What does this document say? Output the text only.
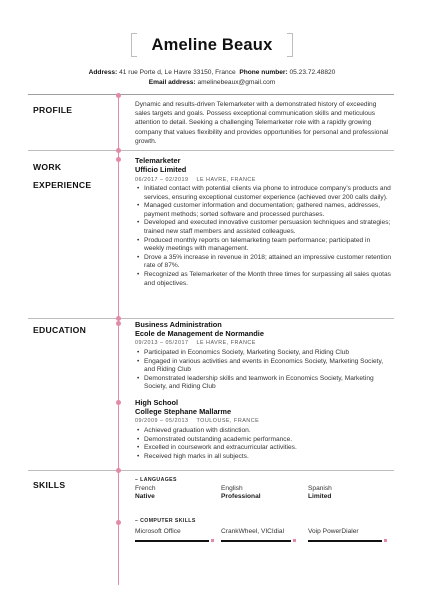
Ameline Beaux
Address: 41 rue Porte d, Le Havre 33150, France Phone number: 05.23.72.48820
Email address: amelinebeaux@gmail.com
PROFILE
Dynamic and results-driven Telemarketer with a demonstrated history of exceeding sales targets and goals. Possess exceptional communication skills and meticulous attention to detail. Seeking a challenging Telemarketer role with a rapidly growing company that values flexibility and provides opportunities for personal and professional growth.
WORK
EXPERIENCE
Telemarketer
Ufficio Limited
06/2017 – 02/2019 LE HAVRE, FRANCE
• Initiated contact with potential clients via phone to introduce company's products and services, ensuring exceptional customer experience (achieved over 200 calls daily).
• Managed customer information and documentation; gathered names, addresses, payment methods; sorted software and processed purchases.
• Developed and executed innovative customer persuasion techniques and strategies; trained new staff members and assisted colleagues.
• Produced monthly reports on telemarketing team performance; participated in weekly meetings with management.
• Drove a 35% increase in revenue in 2018; attained an impressive customer retention rate of 87%.
• Recognized as Telemarketer of the Month three times for surpassing all sales quotas and objectives.
EDUCATION
Business Administration
Ecole de Management de Normandie
09/2013 – 05/2017 LE HAVRE, FRANCE
• Participated in Economics Society, Marketing Society, and Riding Club
• Engaged in various activities and events in Economics Society, Marketing Society, and Riding Club
• Demonstrated leadership skills and teamwork in Economics Society, Marketing Society, and Riding Club
High School
College Stephane Mallarme
09/2009 – 05/2013 TOULOUSE, FRANCE
• Achieved graduation with distinction.
• Demonstrated outstanding academic performance.
• Excelled in coursework and extracurricular activities.
• Received high marks in all subjects.
SKILLS	– LANGUAGES
French
Native
English
Professional
Spanish
Limited
– COMPUTER SKILLS
Microsoft Office	CrankWheel, VICIdial	Voip PowerDialer
